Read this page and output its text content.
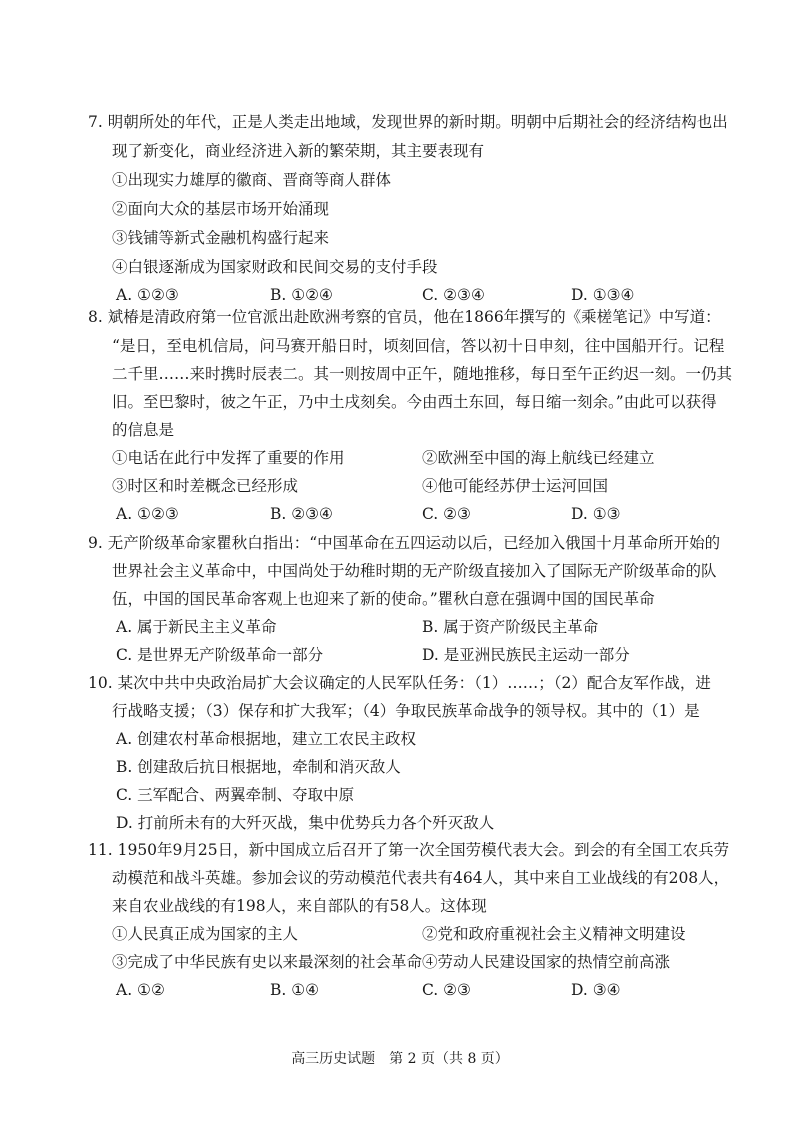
7. 明朝所处的年代，正是人类走出地域，发现世界的新时期。明朝中后期社会的经济结构也出
现了新变化，商业经济进入新的繁荣期，其主要表现有
①出现实力雄厚的徽商、晋商等商人群体
②面向大众的基层市场开始涌现
③钱铺等新式金融机构盛行起来
④白银逐渐成为国家财政和民间交易的支付手段
A. ①②③	B. ①②④	C. ②③④	D. ①③④
8. 斌椿是清政府第一位官派出赴欧洲考察的官员，他在1866年撰写的《乘槎笔记》中写道：
“是日，至电机信局，问马赛开船日时，顷刻回信，答以初十日申刻，往中国船开行。记程
二千里……来时携时辰表二。其一则按周中正午，随地推移，每日至午正约迟一刻。一仍其
旧。至巴黎时，彼之午正，乃中土戌刻矣。今由西土东回，每日缩一刻余。”由此可以获得
的信息是
①电话在此行中发挥了重要的作用	②欧洲至中国的海上航线已经建立
③时区和时差概念已经形成	④他可能经苏伊士运河回国
A. ①②③	B. ②③④	C. ②③	D. ①③
9. 无产阶级革命家瞿秋白指出：“中国革命在五四运动以后，已经加入俄国十月革命所开始的
世界社会主义革命中，中国尚处于幼稚时期的无产阶级直接加入了国际无产阶级革命的队
伍，中国的国民革命客观上也迎来了新的使命。”瞿秋白意在强调中国的国民革命
A. 属于新民主主义革命	B. 属于资产阶级民主革命
C. 是世界无产阶级革命一部分	D. 是亚洲民族民主运动一部分
10. 某次中共中央政治局扩大会议确定的人民军队任务：（1）……；（2）配合友军作战，进
行战略支援；（3）保存和扩大我军；（4）争取民族革命战争的领导权。其中的（1）是
A. 创建农村革命根据地，建立工农民主政权
B. 创建敌后抗日根据地，牵制和消灭敌人
C. 三军配合、两翼牵制、夺取中原
D. 打前所未有的大歼灭战，集中优势兵力各个歼灭敌人
11. 1950年9月25日，新中国成立后召开了第一次全国劳模代表大会。到会的有全国工农兵劳
动模范和战斗英雄。参加会议的劳动模范代表共有464人，其中来自工业战线的有208人，
来自农业战线的有198人，来自部队的有58人。这体现
①人民真正成为国家的主人	②党和政府重视社会主义精神文明建设
③完成了中华民族有史以来最深刻的社会革命 ④劳动人民建设国家的热情空前高涨
A. ①②	B. ①④	C. ②③	D. ③④
高三历史试题　第 2 页（共 8 页）
